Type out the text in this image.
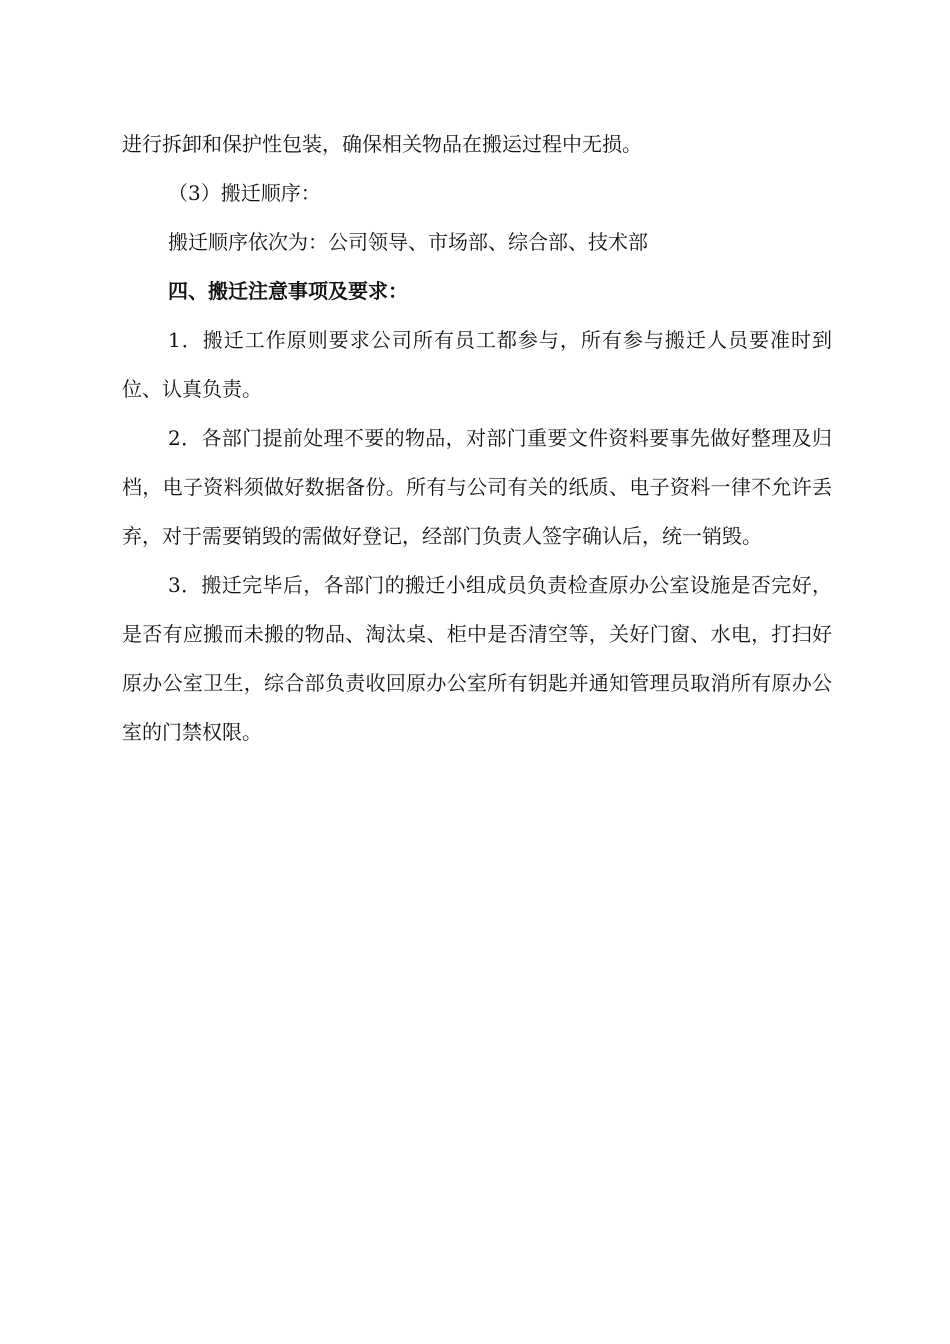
进行拆卸和保护性包装，确保相关物品在搬运过程中无损。

（3）搬迁顺序：

搬迁顺序依次为：公司领导、市场部、综合部、技术部

四、搬迁注意事项及要求：

1．搬迁工作原则要求公司所有员工都参与，所有参与搬迁人员要准时到位、认真负责。

2．各部门提前处理不要的物品，对部门重要文件资料要事先做好整理及归档，电子资料须做好数据备份。所有与公司有关的纸质、电子资料一律不允许丢弃，对于需要销毁的需做好登记，经部门负责人签字确认后，统一销毁。

3．搬迁完毕后，各部门的搬迁小组成员负责检查原办公室设施是否完好，是否有应搬而未搬的物品、淘汰桌、柜中是否清空等，关好门窗、水电，打扫好原办公室卫生，综合部负责收回原办公室所有钥匙并通知管理员取消所有原办公室的门禁权限。
